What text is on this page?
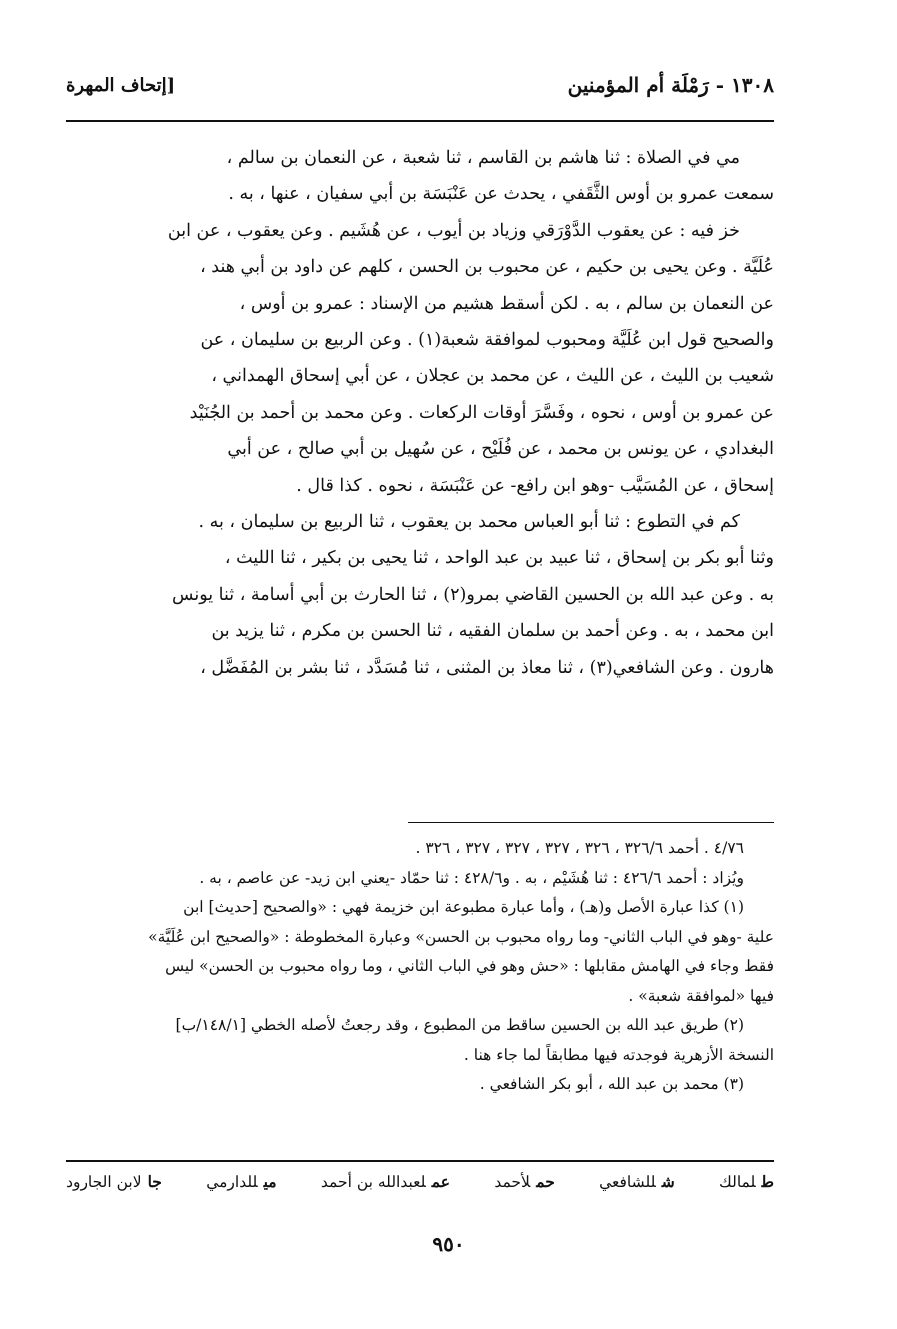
١٣٠٨ - رَمْلَة أم المؤمنين
[إتحاف المهرة

مي في الصلاة : ثنا هاشم بن القاسم ، ثنا شعبة ، عن النعمان بن سالم ،
سمعت عمرو بن أوس الثَّقَفي ، يحدث عن عَنْبَسَة بن أبي سفيان ، عنها ، به .

خز فيه : عن يعقوب الدَّوْرَقي وزياد بن أيوب ، عن هُشَيم . وعن يعقوب ، عن ابن
عُلَيَّة . وعن يحيى بن حكيم ، عن محبوب بن الحسن ، كلهم عن داود بن أبي هند ،
عن النعمان بن سالم ، به . لكن أسقط هشيم من الإسناد : عمرو بن أوس ،
والصحيح قول ابن عُلَيَّة ومحبوب لموافقة شعبة(١) . وعن الربيع بن سليمان ، عن
شعيب بن الليث ، عن الليث ، عن محمد بن عجلان ، عن أبي إسحاق الهمداني ،
عن عمرو بن أوس ، نحوه ، وفَسَّرَ أوقات الركعات . وعن محمد بن أحمد بن الجُنَيْد
البغدادي ، عن يونس بن محمد ، عن فُلَيْح ، عن سُهيل بن أبي صالح ، عن أبي
إسحاق ، عن المُسَيَّب -وهو ابن رافع- عن عَنْبَسَة ، نحوه . كذا قال .

كم في التطوع : ثنا أبو العباس محمد بن يعقوب ، ثنا الربيع بن سليمان ، به .
وثنا أبو بكر بن إسحاق ، ثنا عبيد بن عبد الواحد ، ثنا يحيى بن بكير ، ثنا الليث ،
به . وعن عبد الله بن الحسين القاضي بمرو(٢) ، ثنا الحارث بن أبي أسامة ، ثنا يونس
ابن محمد ، به . وعن أحمد بن سلمان الفقيه ، ثنا الحسن بن مكرم ، ثنا يزيد بن
هارون . وعن الشافعي(٣) ، ثنا معاذ بن المثنى ، ثنا مُسَدَّد ، ثنا بشر بن المُفَضَّل ،

٤/٧٦ . أحمد ٣٢٦/٦ ، ٣٢٦ ، ٣٢٧ ، ٣٢٧ ، ٣٢٧ ، ٣٢٦ .
ويُزاد : أحمد ٤٢٦/٦ : ثنا هُشَيْم ، به . و٤٢٨/٦ : ثنا حمّاد -يعني ابن زيد- عن عاصم ، به .
(١) كذا عبارة الأصل و(هـ) ، وأما عبارة مطبوعة ابن خزيمة فهي : «والصحيح [حديث] ابن
علية -وهو في الباب الثاني- وما رواه محبوب بن الحسن» وعبارة المخطوطة : «والصحيح ابن عُلَيَّة»
فقط وجاء في الهامش مقابلها : «حش وهو في الباب الثاني ، وما رواه محبوب بن الحسن» ليس
فيها «لموافقة شعبة» .
(٢) طريق عبد الله بن الحسين ساقط من المطبوع ، وقد رجعتُ لأصله الخطي [١٤٨/١/ب]
النسخة الأزهرية فوجدته فيها مطابقاً لما جاء هنا .
(٣) محمد بن عبد الله ، أبو بكر الشافعي .
طلمالك
شللشافعي
حملأحمد
عملعبدالله بن أحمد
ميللدارمي
جالابن الجارود
٩٥٠
